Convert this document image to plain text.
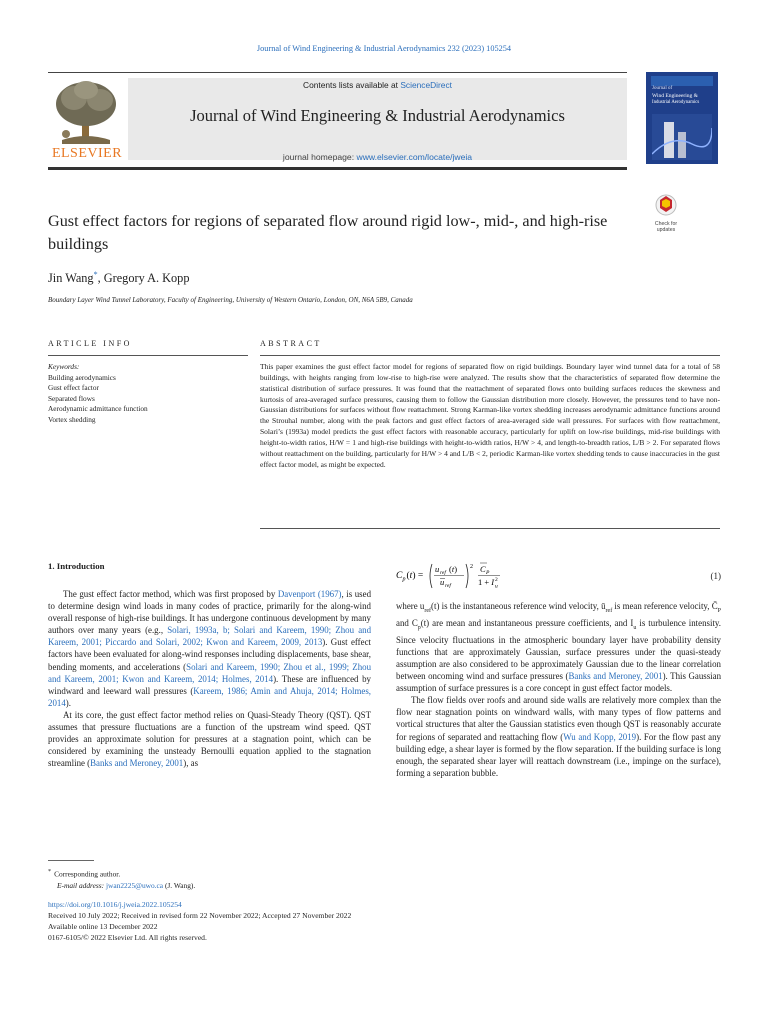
Journal of Wind Engineering & Industrial Aerodynamics 232 (2023) 105254
ELSEVIER
Contents lists available at ScienceDirect
Journal of Wind Engineering & Industrial Aerodynamics
journal homepage: www.elsevier.com/locate/jweia
Journal of
Wind Engineering &
Industrial Aerodynamics
Gust effect factors for regions of separated flow around rigid low-, mid-, and high-rise buildings
Check for
updates
Jin Wang*, Gregory A. Kopp
Boundary Layer Wind Tunnel Laboratory, Faculty of Engineering, University of Western Ontario, London, ON, N6A 5B9, Canada
ARTICLE INFO	ABSTRACT
Keywords:
Building aerodynamics
Gust effect factor
Separated flows
Aerodynamic admittance function
Vortex shedding
This paper examines the gust effect factor model for regions of separated flow on rigid buildings. Boundary layer wind tunnel data for a total of 58 buildings, with heights ranging from low-rise to high-rise were analyzed. The results show that the characteristics of separated flow determine the statistical distribution of surface pressures. It was found that the reattachment of separated flows onto building surfaces reduces the skewness and kurtosis of area-averaged surface pressures, causing them to follow the Gaussian distribution more closely. However, the pressures tend to have non-Gaussian distributions for surfaces without flow reattachment. Strong Karman-like vortex shedding increases aerodynamic admittance functions around the Strouhal number, along with the peak factors and gust effect factors of area-averaged side wall pressures. For surfaces with flow reattachment, Solari’s (1993a) model predicts the gust effect factors with reasonable accuracy, particularly for uplift on low-rise buildings, mid-rise buildings with height-to-width ratios, H/W = 1 and high-rise buildings with height-to-width ratios, H/W > 4, and length-to-breadth ratios, L/B > 2. For separated flows without reattachment on the building, particularly for H/W > 4 and L/B < 2, periodic Karman-like vortex shedding tends to cause inaccuracies in the gust effect factor model, as might be expected.
1. Introduction

The gust effect factor method, which was first proposed by Davenport (1967), is used to determine design wind loads in many codes of practice, primarily for the along-wind overall response of high-rise buildings. It has undergone continuous development by many authors over many years (e.g., Solari, 1993a, b; Solari and Kareem, 1990; Zhou and Kareem, 2001; Piccardo and Solari, 2002; Kwon and Kareem, 2009, 2013). Gust effect factors have been evaluated for along-wind responses including displacements, base shear, bending moments, and accelerations (Solari and Kareem, 1990; Zhou et al., 1999; Zhou and Kareem, 2001; Kwon and Kareem, 2014; Holmes, 2014). These are influenced by windward and leeward wall pressures (Kareem, 1986; Amin and Ahuja, 2014; Holmes, 2014).

At its core, the gust effect factor method relies on Quasi-Steady Theory (QST). QST assumes that pressure fluctuations are a function of the upstream wind speed. QST provides an approximate solution for pressures at a stagnation point, which can be considered by examining the unsteady Bernoulli equation applied to the stagnation streamline (Banks and Meroney, 2001), as

C p (t) =
u ref (t)
u ref
2 C P
1 + I 2
u
(1)

where $u_{ref}(t)$ is the instantaneous reference wind velocity, $ū_{ref}$ is mean reference velocity, $C̄_P$ and $C_p(t)$ are mean and instantaneous pressure coefficients, and $I_u$ is turbulence intensity. Since velocity fluctuations in the atmospheric boundary layer have probability density functions that are approximately Gaussian, surface pressures under the quasi-steady assumption are also considered to be approximately Gaussian due to the linear correlation between oncoming wind and surface pressures (Banks and Meroney, 2001). This Gaussian assumption of surface pressures is a core concept in gust effect factor models.

The flow fields over roofs and around side walls are relatively more complex than the flow near stagnation points on windward walls, with many types of flow patterns and vortical structures that alter the Gaussian statistics even though QST is reasonably accurate for regions of separated and reattaching flow (Wu and Kopp, 2019). For the flow past any building edge, a shear layer is formed by the flow separation. If the building surface is long enough, the separated shear layer will reattach downstream (i.e., impinge on the surface), forming a separation bubble.

* Corresponding author.
E-mail address: jwan2225@uwo.ca (J. Wang).
https://doi.org/10.1016/j.jweia.2022.105254
Received 10 July 2022; Received in revised form 22 November 2022; Accepted 27 November 2022
Available online 13 December 2022
0167-6105/© 2022 Elsevier Ltd. All rights reserved.
